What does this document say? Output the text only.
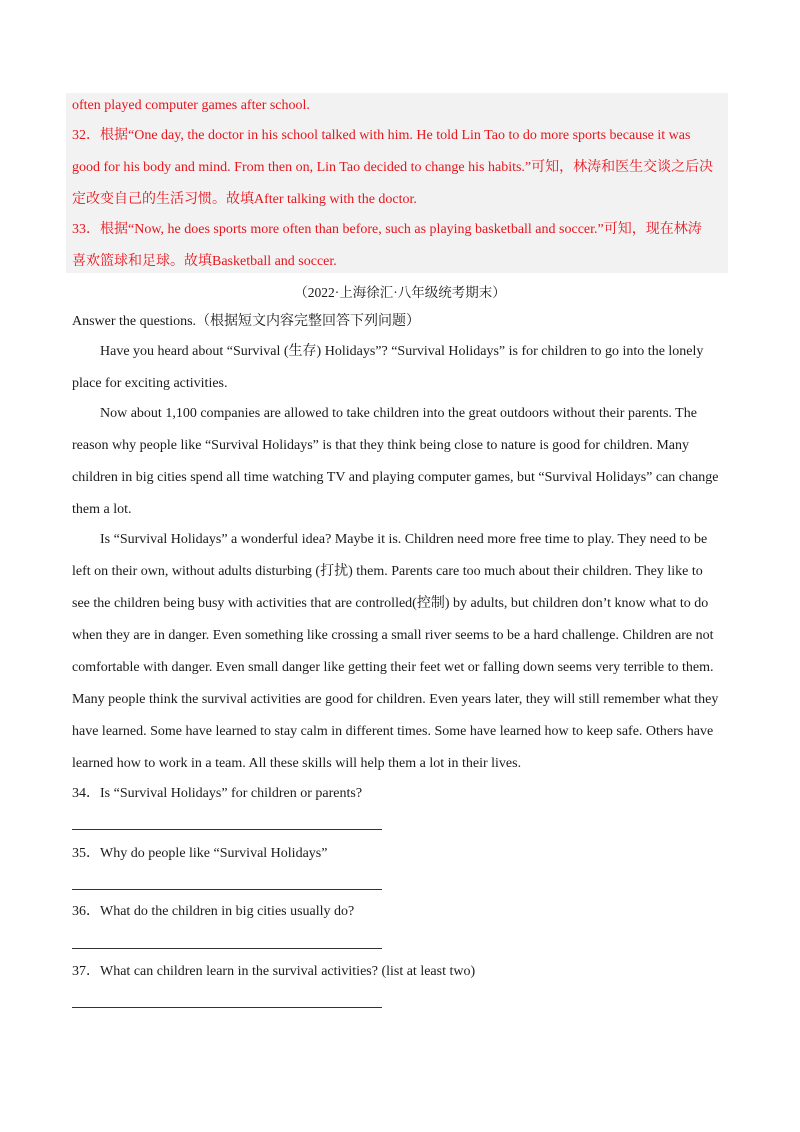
often played computer games after school.
32．根据“One day, the doctor in his school talked with him. He told Lin Tao to do more sports because it was
good for his body and mind. From then on, Lin Tao decided to change his habits.”可知，林涛和医生交谈之后决
定改变自己的生活习惯。故填After talking with the doctor.
33．根据“Now, he does sports more often than before, such as playing basketball and soccer.”可知，现在林涛
喜欢篮球和足球。故填Basketball and soccer.
（2022·上海徐汇·八年级统考期末）
Answer the questions.（根据短文内容完整回答下列问题）
Have you heard about “Survival (生存) Holidays”? “Survival Holidays” is for children to go into the lonely
place for exciting activities.
Now about 1,100 companies are allowed to take children into the great outdoors without their parents. The
reason why people like “Survival Holidays” is that they think being close to nature is good for children. Many
children in big cities spend all time watching TV and playing computer games, but “Survival Holidays” can change
them a lot.
Is “Survival Holidays” a wonderful idea? Maybe it is. Children need more free time to play. They need to be
left on their own, without adults disturbing (打扰) them. Parents care too much about their children. They like to
see the children being busy with activities that are controlled(控制) by adults, but children don’t know what to do
when they are in danger. Even something like crossing a small river seems to be a hard challenge. Children are not
comfortable with danger. Even small danger like getting their feet wet or falling down seems very terrible to them.
Many people think the survival activities are good for children. Even years later, they will still remember what they
have learned. Some have learned to stay calm in different times. Some have learned how to keep safe. Others have
learned how to work in a team. All these skills will help them a lot in their lives.
34．Is “Survival Holidays” for children or parents?
35．Why do people like “Survival Holidays”
36．What do the children in big cities usually do?
37．What can children learn in the survival activities? (list at least two)
